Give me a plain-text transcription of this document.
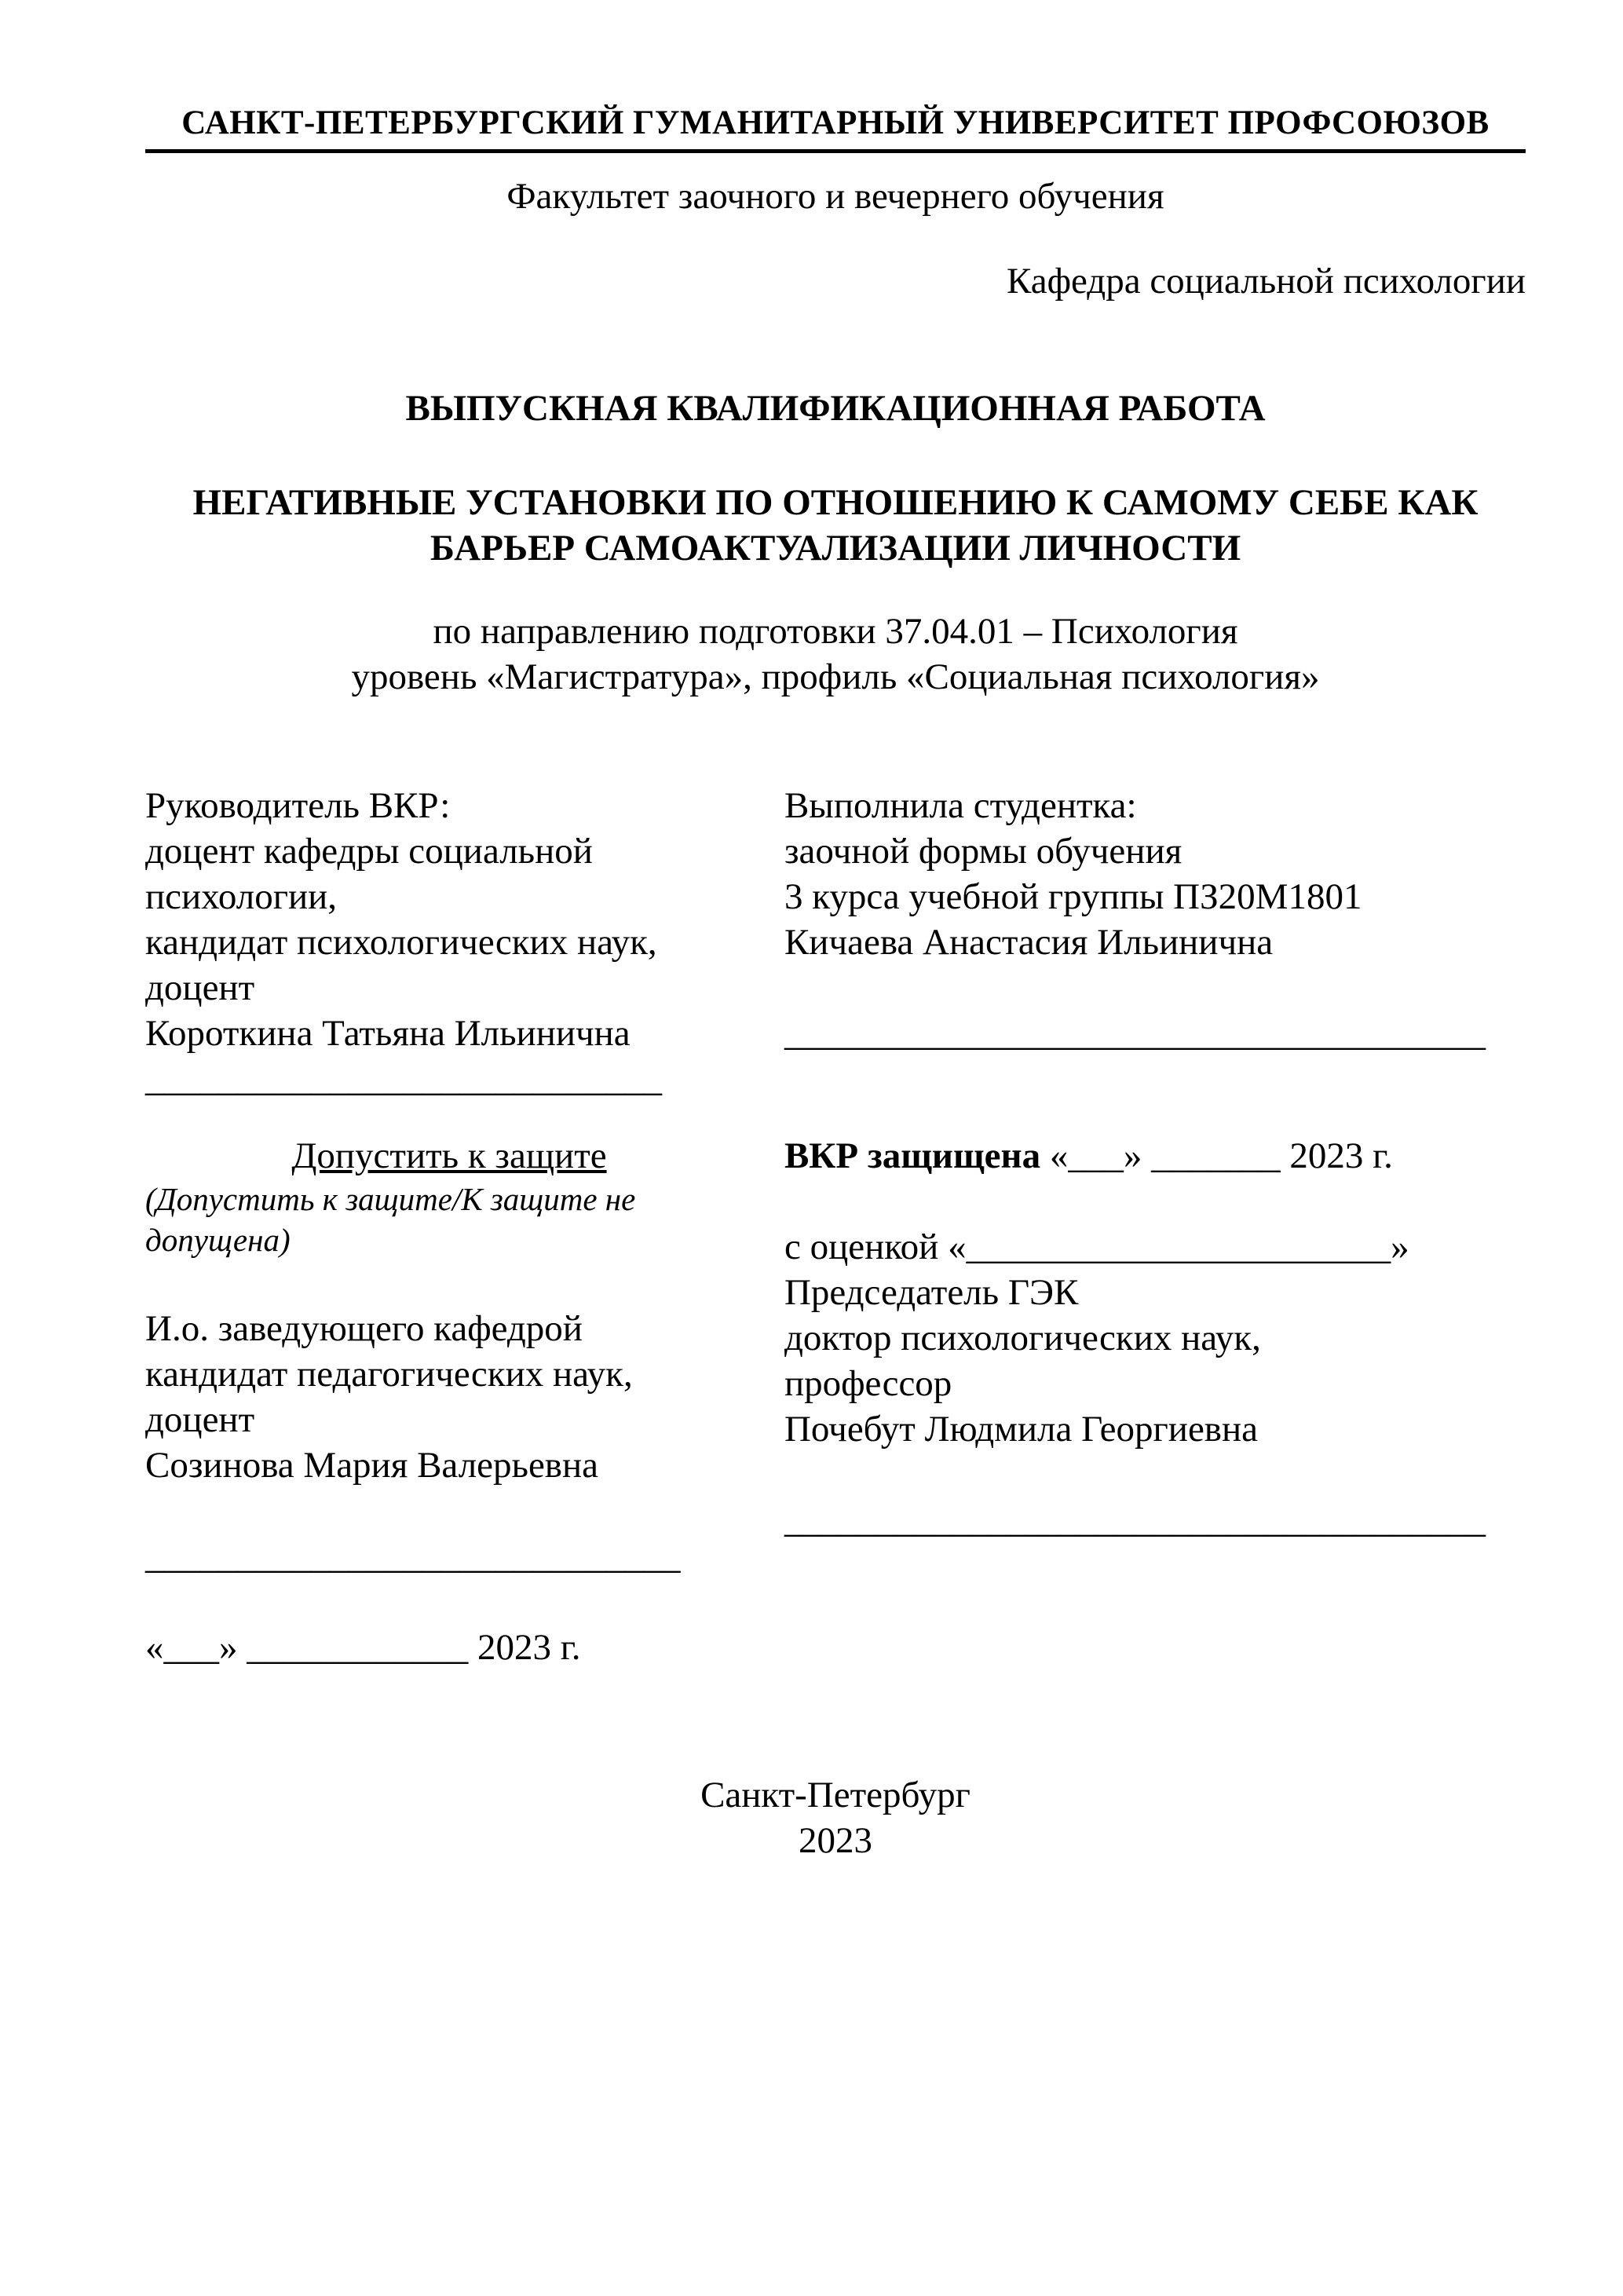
САНКТ-ПЕТЕРБУРГСКИЙ ГУМАНИТАРНЫЙ УНИВЕРСИТЕТ ПРОФСОЮЗОВ
Факультет заочного и вечернего обучения
Кафедра социальной психологии
ВЫПУСКНАЯ КВАЛИФИКАЦИОННАЯ РАБОТА
НЕГАТИВНЫЕ УСТАНОВКИ ПО ОТНОШЕНИЮ К САМОМУ СЕБЕ КАК
БАРЬЕР САМОАКТУАЛИЗАЦИИ ЛИЧНОСТИ
по направлению подготовки 37.04.01 – Психология
уровень «Магистратура», профиль «Социальная психология»
Руководитель ВКР:
доцент кафедры социальной
психологии,
кандидат психологических наук,
доцент
Короткина Татьяна Ильинична
____________________________
Выполнила студентка:
заочной формы обучения
3 курса учебной группы ПЗ20М1801
Кичаева Анастасия Ильинична
______________________________________
Допустить к защите
(Допустить к защите/К защите не
допущена)
И.о. заведующего кафедрой
кандидат педагогических наук,
доцент
Созинова Мария Валерьевна
_____________________________
«___» ____________ 2023 г.
ВКР защищена «___» _______ 2023 г.
с оценкой «_______________________»
Председатель ГЭК
доктор психологических наук,
профессор
Почебут Людмила Георгиевна
______________________________________
Санкт-Петербург
2023
